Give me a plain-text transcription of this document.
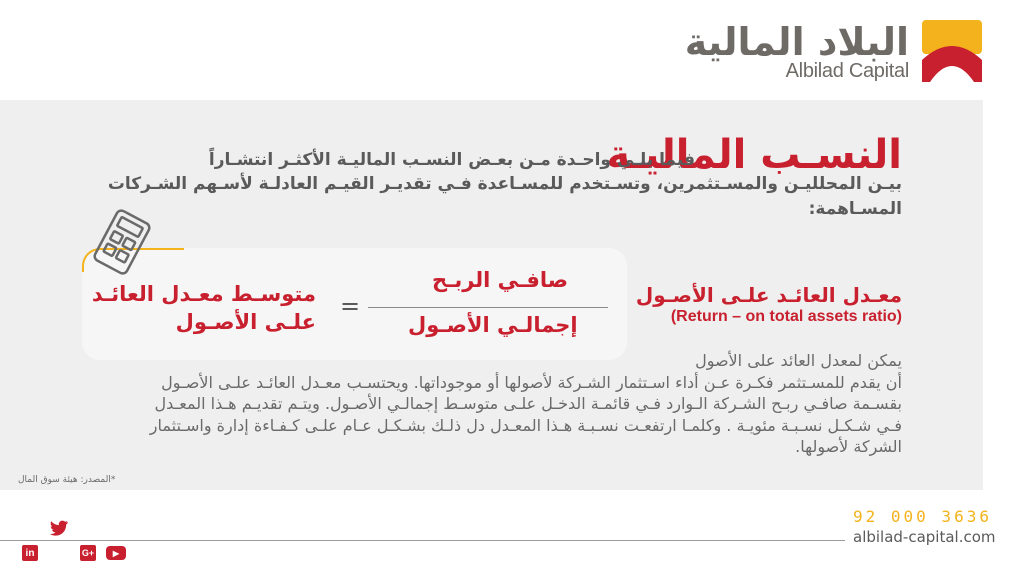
البلاد المالية
Albilad Capital
النسـب الماليـة
فيما يلـي واحـدة مـن بعـض النسـب الماليـة الأكثـر انتشـاراً
بيـن المحلليـن والمسـتثمرين، وتسـتخدم للمسـاعدة فـي تقديـر القيـم العادلـة لأسـهم الشـركات
المسـاهمة:
متوسـط معـدل العائـد
علـى الأصـول
=
صافـي الربـح
إجمالـي الأصـول
معـدل العائـد علـى الأصـول
(Return – on total assets ratio)
يمكن لمعدل العائد على الأصول
أن يقدم للمسـتثمر فكـرة عـن أداء اسـتثمار الشـركة لأصولها أو موجوداتها. ويحتسـب معـدل العائـد علـى الأصـول
بقسـمة صافـي ربـح الشـركة الـوارد فـي قائمـة الدخـل علـى متوسـط إجمالـي الأصـول. ويتـم تقديـم هـذا المعـدل
فـي شـكـل نسـبـة مئويـة . وكلمـا ارتفعـت نسـبـة هـذا المعـدل دل ذلـك بشـكـل عـام علـى كـفـاءة إدارة واسـتثمار
الشركة لأصولها.
*المصدر: هيئة سوق المال
92 000 3636
albilad-capital.com
in	G+	▶
